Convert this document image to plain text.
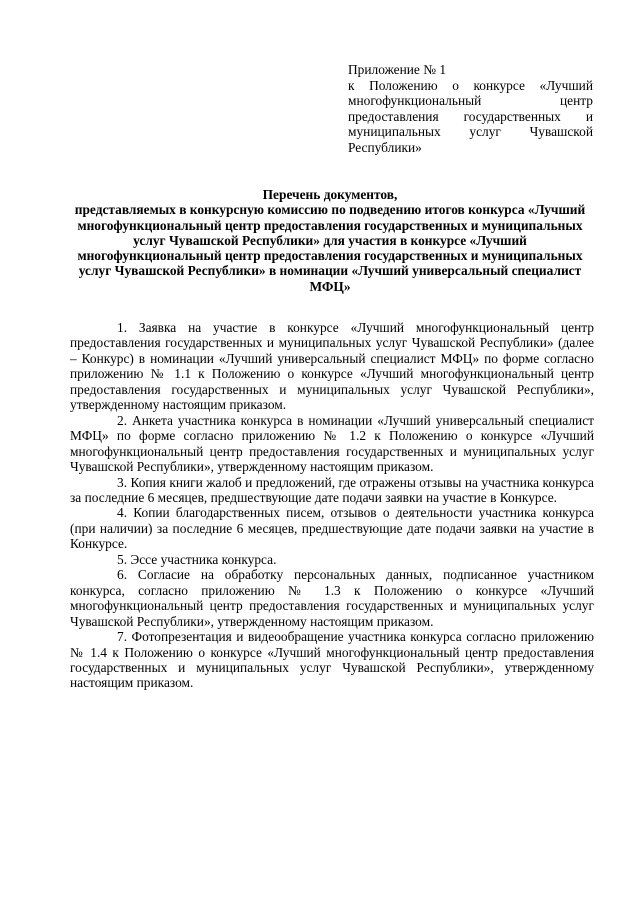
Приложение № 1
к Положению о конкурсе «Лучший многофункциональный центр предоставления государственных и муниципальных услуг Чувашской Республики»
Перечень документов,
представляемых в конкурсную комиссию по подведению итогов конкурса «Лучший многофункциональный центр предоставления государственных и муниципальных услуг Чувашской Республики» для участия в конкурсе «Лучший многофункциональный центр предоставления государственных и муниципальных услуг Чувашской Республики» в номинации «Лучший универсальный специалист МФЦ»

1. Заявка на участие в конкурсе «Лучший многофункциональный центр предоставления государственных и муниципальных услуг Чувашской Республики» (далее – Конкурс) в номинации «Лучший универсальный специалист МФЦ» по форме согласно приложению № 1.1 к Положению о конкурсе «Лучший многофункциональный центр предоставления государственных и муниципальных услуг Чувашской Республики», утвержденному настоящим приказом.

2. Анкета участника конкурса в номинации «Лучший универсальный специалист МФЦ» по форме согласно приложению № 1.2 к Положению о конкурсе «Лучший многофункциональный центр предоставления государственных и муниципальных услуг Чувашской Республики», утвержденному настоящим приказом.

3. Копия книги жалоб и предложений, где отражены отзывы на участника конкурса за последние 6 месяцев, предшествующие дате подачи заявки на участие в Конкурсе.

4. Копии благодарственных писем, отзывов о деятельности участника конкурса (при наличии) за последние 6 месяцев, предшествующие дате подачи заявки на участие в Конкурсе.

5. Эссе участника конкурса.

6. Согласие на обработку персональных данных, подписанное участником конкурса, согласно приложению № 1.3 к Положению о конкурсе «Лучший многофункциональный центр предоставления государственных и муниципальных услуг Чувашской Республики», утвержденному настоящим приказом.

7. Фотопрезентация и видеообращение участника конкурса согласно приложению № 1.4 к Положению о конкурсе «Лучший многофункциональный центр предоставления государственных и муниципальных услуг Чувашской Республики», утвержденному настоящим приказом.
